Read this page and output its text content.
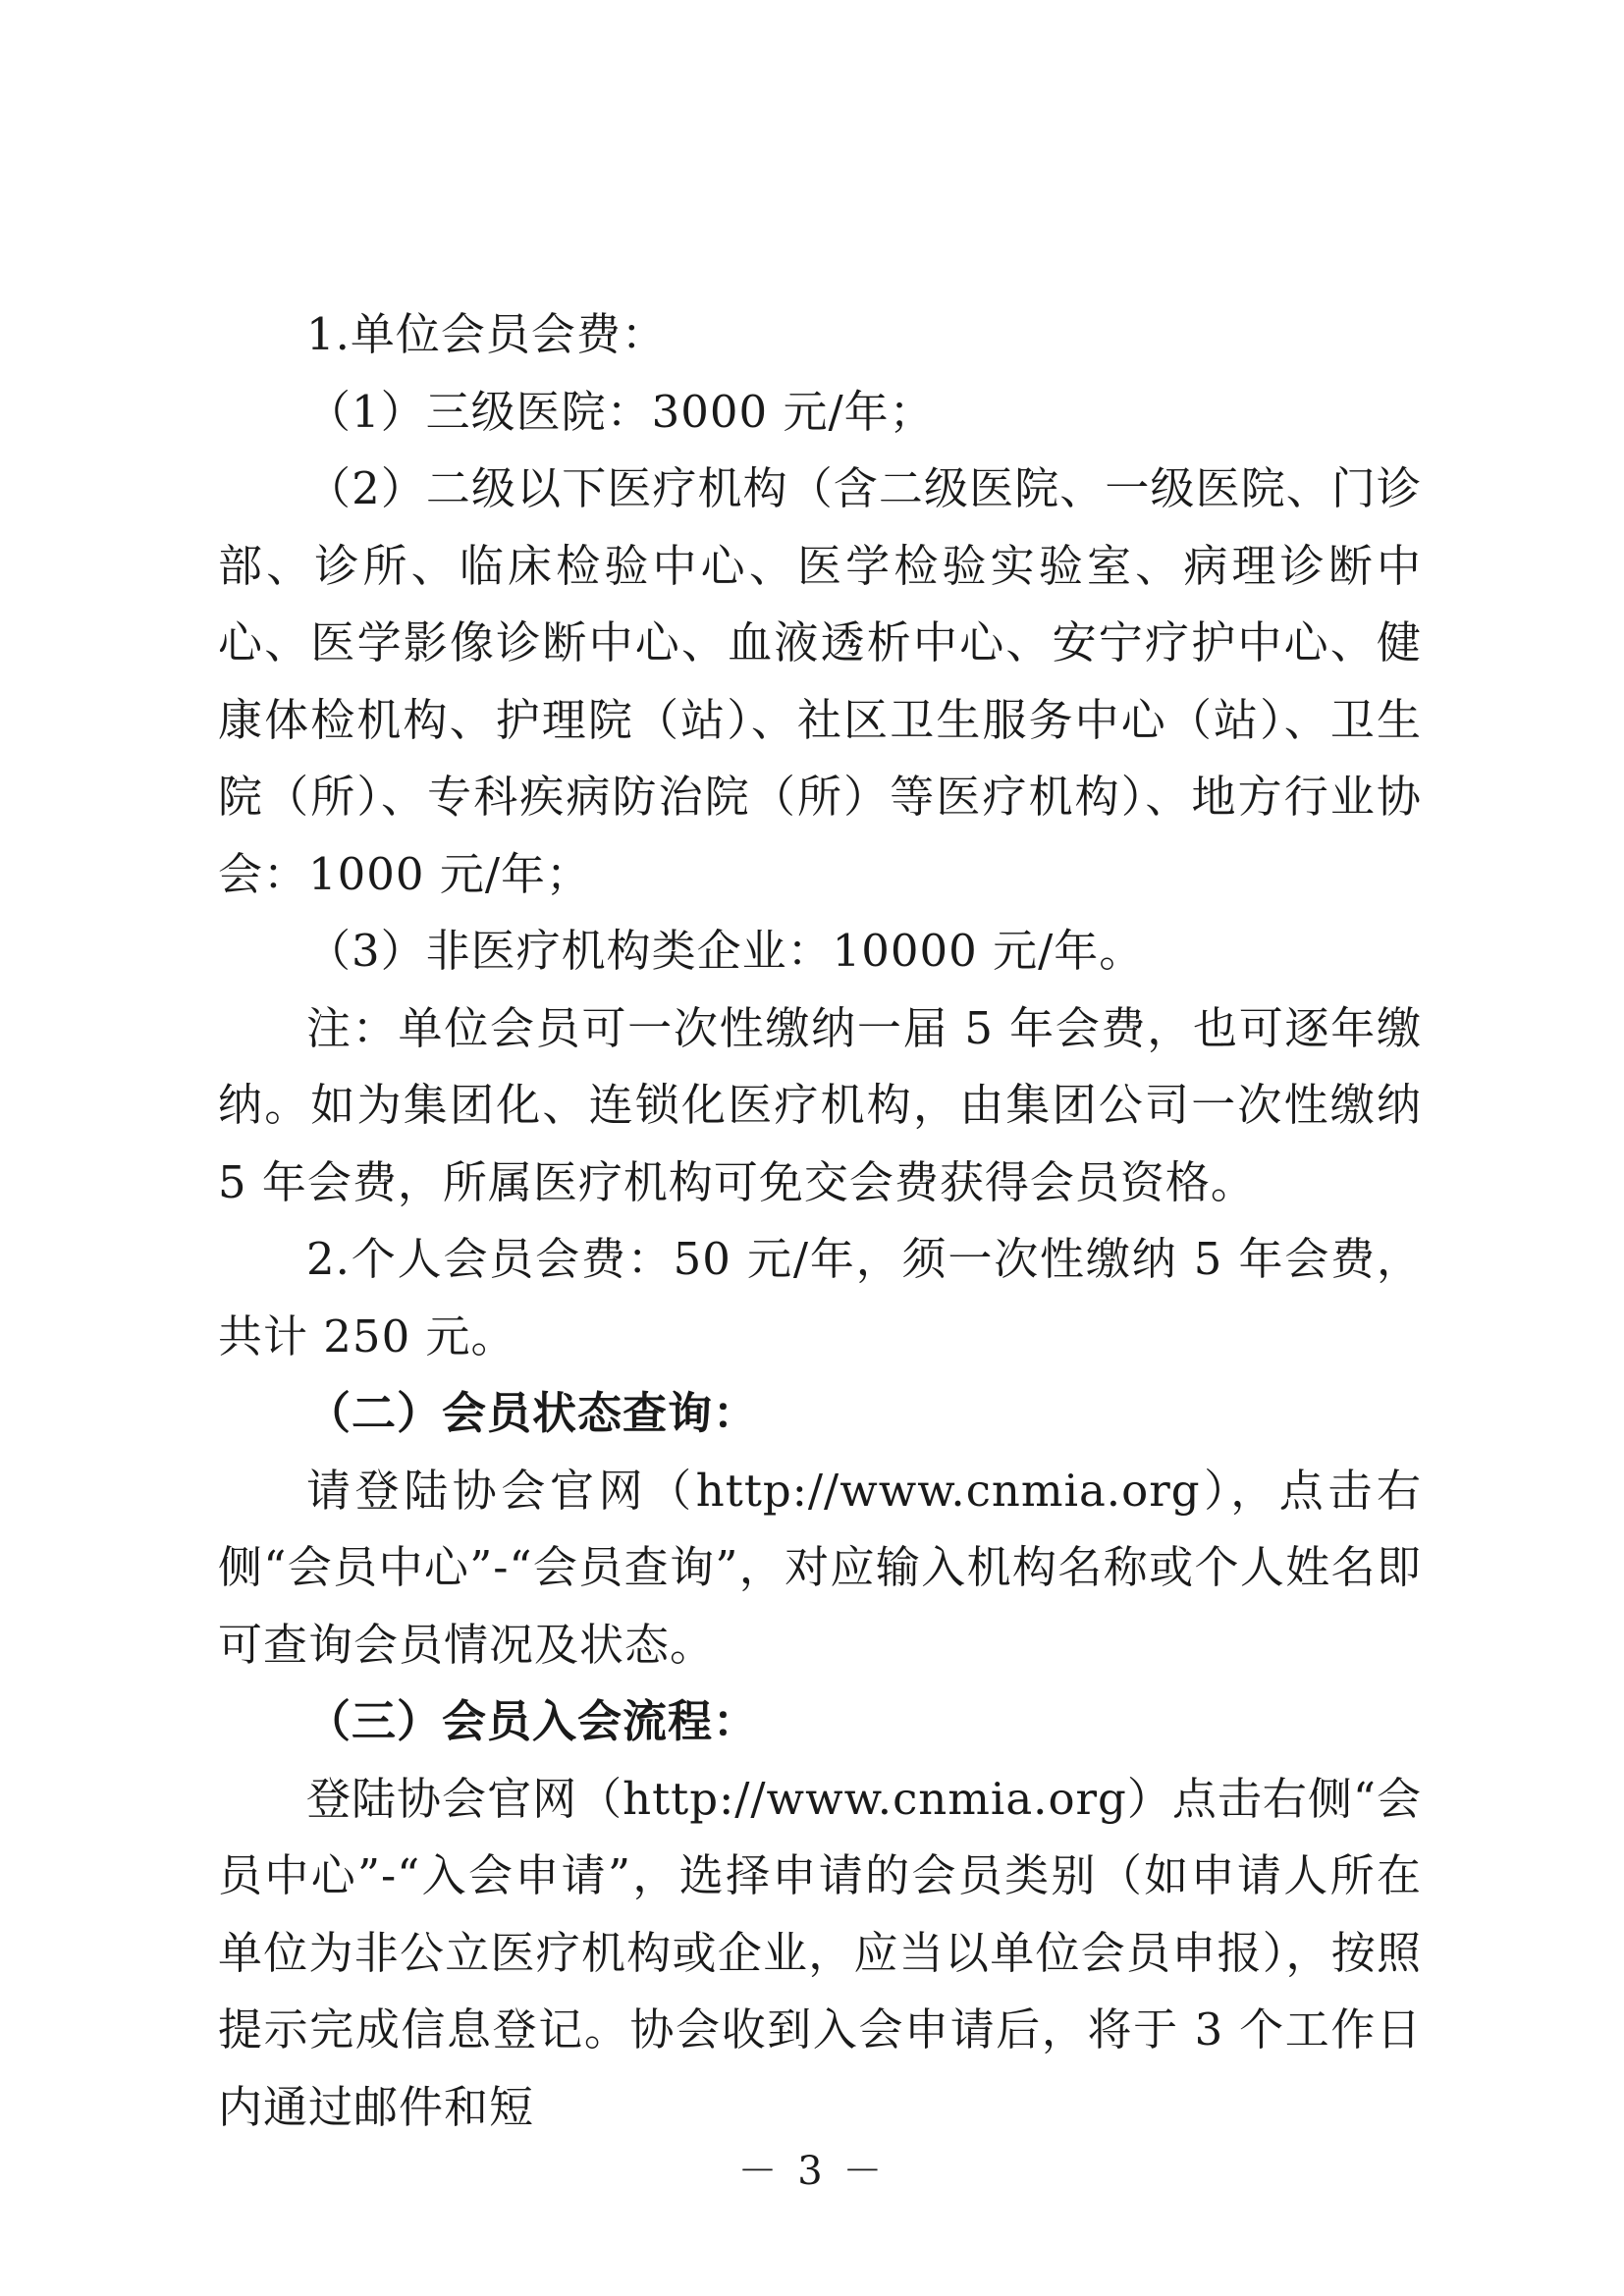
1.单位会员会费：

（1）三级医院：3000 元/年；

（2）二级以下医疗机构（含二级医院、一级医院、门诊部、诊所、临床检验中心、医学检验实验室、病理诊断中心、医学影像诊断中心、血液透析中心、安宁疗护中心、健康体检机构、护理院（站）、社区卫生服务中心（站）、卫生院（所）、专科疾病防治院（所）等医疗机构）、地方行业协会：1000 元/年；

（3）非医疗机构类企业：10000 元/年。

注：单位会员可一次性缴纳一届 5 年会费，也可逐年缴纳。如为集团化、连锁化医疗机构，由集团公司一次性缴纳 5 年会费，所属医疗机构可免交会费获得会员资格。

2.个人会员会费：50 元/年，须一次性缴纳 5 年会费，共计 250 元。

（二）会员状态查询：

请登陆协会官网（http://www.cnmia.org），点击右侧“会员中心”-“会员查询”，对应输入机构名称或个人姓名即可查询会员情况及状态。

（三）会员入会流程：

登陆协会官网（http://www.cnmia.org）点击右侧“会员中心”-“入会申请”，选择申请的会员类别（如申请人所在单位为非公立医疗机构或企业，应当以单位会员申报），按照提示完成信息登记。协会收到入会申请后，将于 3 个工作日内通过邮件和短

－ 3 －
